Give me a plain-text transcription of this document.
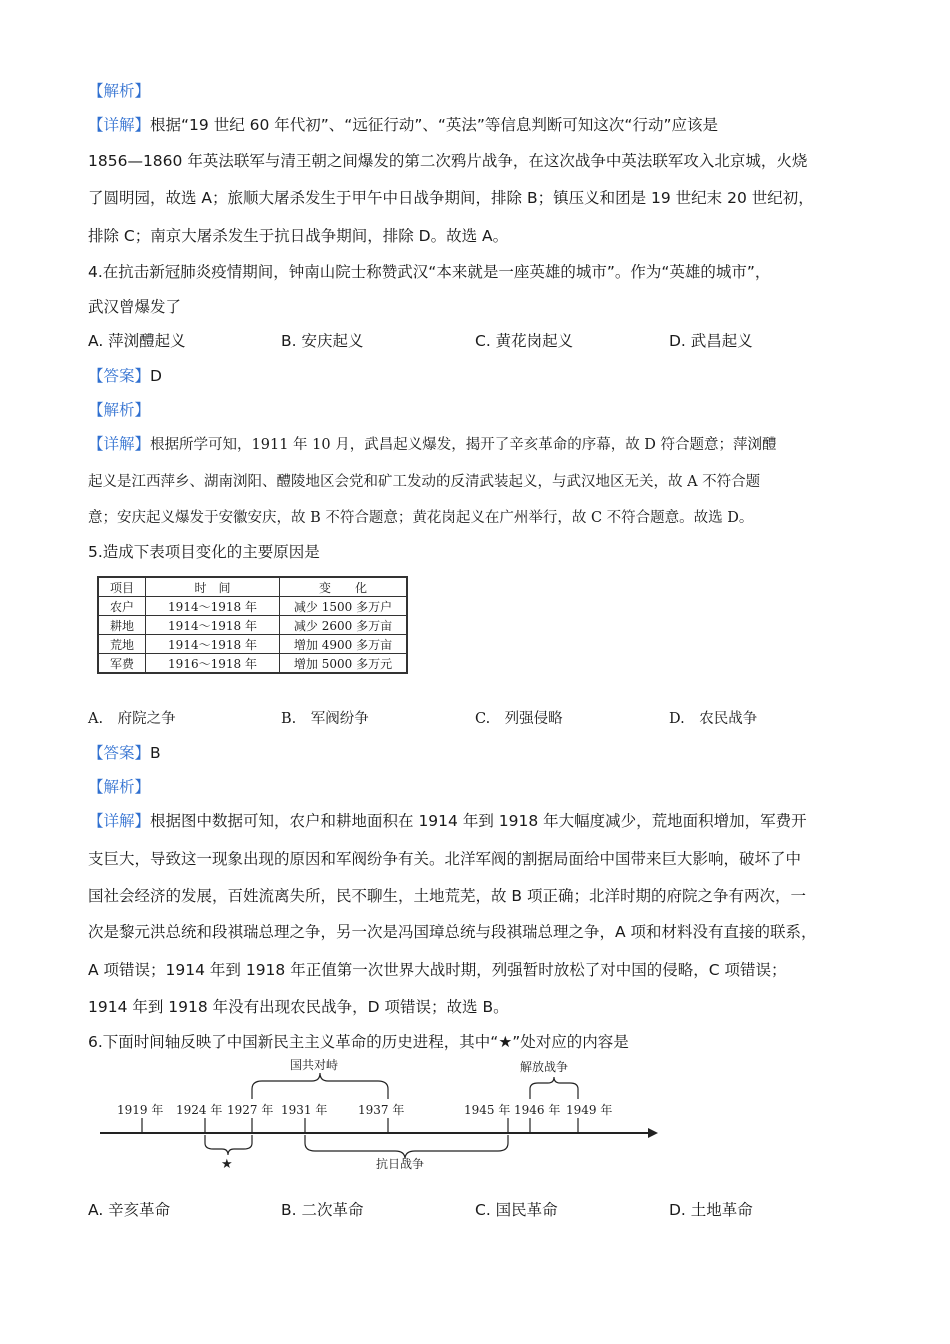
【解析】
【详解】根据“19 世纪 60 年代初”、“远征行动”、“英法”等信息判断可知这次“行动”应该是
1856—1860 年英法联军与清王朝之间爆发的第二次鸦片战争，在这次战争中英法联军攻入北京城，火烧
了圆明园，故选 A；旅顺大屠杀发生于甲午中日战争期间，排除 B；镇压义和团是 19 世纪末 20 世纪初，
排除 C；南京大屠杀发生于抗日战争期间，排除 D。故选 A。
4.在抗击新冠肺炎疫情期间，钟南山院士称赞武汉“本来就是一座英雄的城市”。作为“英雄的城市”，
武汉曾爆发了
A. 萍浏醴起义	B. 安庆起义	C. 黄花岗起义	D. 武昌起义
【答案】D
【解析】
【详解】根据所学可知，1911 年 10 月，武昌起义爆发，揭开了辛亥革命的序幕，故 D 符合题意；萍浏醴
起义是江西萍乡、湖南浏阳、醴陵地区会党和矿工发动的反清武装起义，与武汉地区无关，故 A 不符合题
意；安庆起义爆发于安徽安庆，故 B 不符合题意；黄花岗起义在广州举行，故 C 不符合题意。故选 D。
5.造成下表项目变化的主要原因是
项目	时　间	变　　化
农户	1914～1918 年	减少 1500 多万户
耕地	1914～1918 年	减少 2600 多万亩
荒地	1914～1918 年	增加 4900 多万亩
军费	1916～1918 年	增加 5000 多万元
A.　府院之争	B.　军阀纷争	C.　列强侵略	D.　农民战争
【答案】B
【解析】
【详解】根据图中数据可知，农户和耕地面积在 1914 年到 1918 年大幅度减少，荒地面积增加，军费开
支巨大，导致这一现象出现的原因和军阀纷争有关。北洋军阀的割据局面给中国带来巨大影响，破坏了中
国社会经济的发展，百姓流离失所，民不聊生，土地荒芜，故 B 项正确；北洋时期的府院之争有两次，一
次是黎元洪总统和段祺瑞总理之争，另一次是冯国璋总统与段祺瑞总理之争，A 项和材料没有直接的联系，
A 项错误；1914 年到 1918 年正值第一次世界大战时期，列强暂时放松了对中国的侵略，C 项错误；
1914 年到 1918 年没有出现农民战争，D 项错误；故选 B。
6.下面时间轴反映了中国新民主主义革命的历史进程，其中“★”处对应的内容是
1919 年 1924 年 1927 年 1931 年	1937 年	1945 年 1946 年 1949 年
国共对峙	解放战争
★	抗日战争
A. 辛亥革命	B. 二次革命	C. 国民革命	D. 土地革命
